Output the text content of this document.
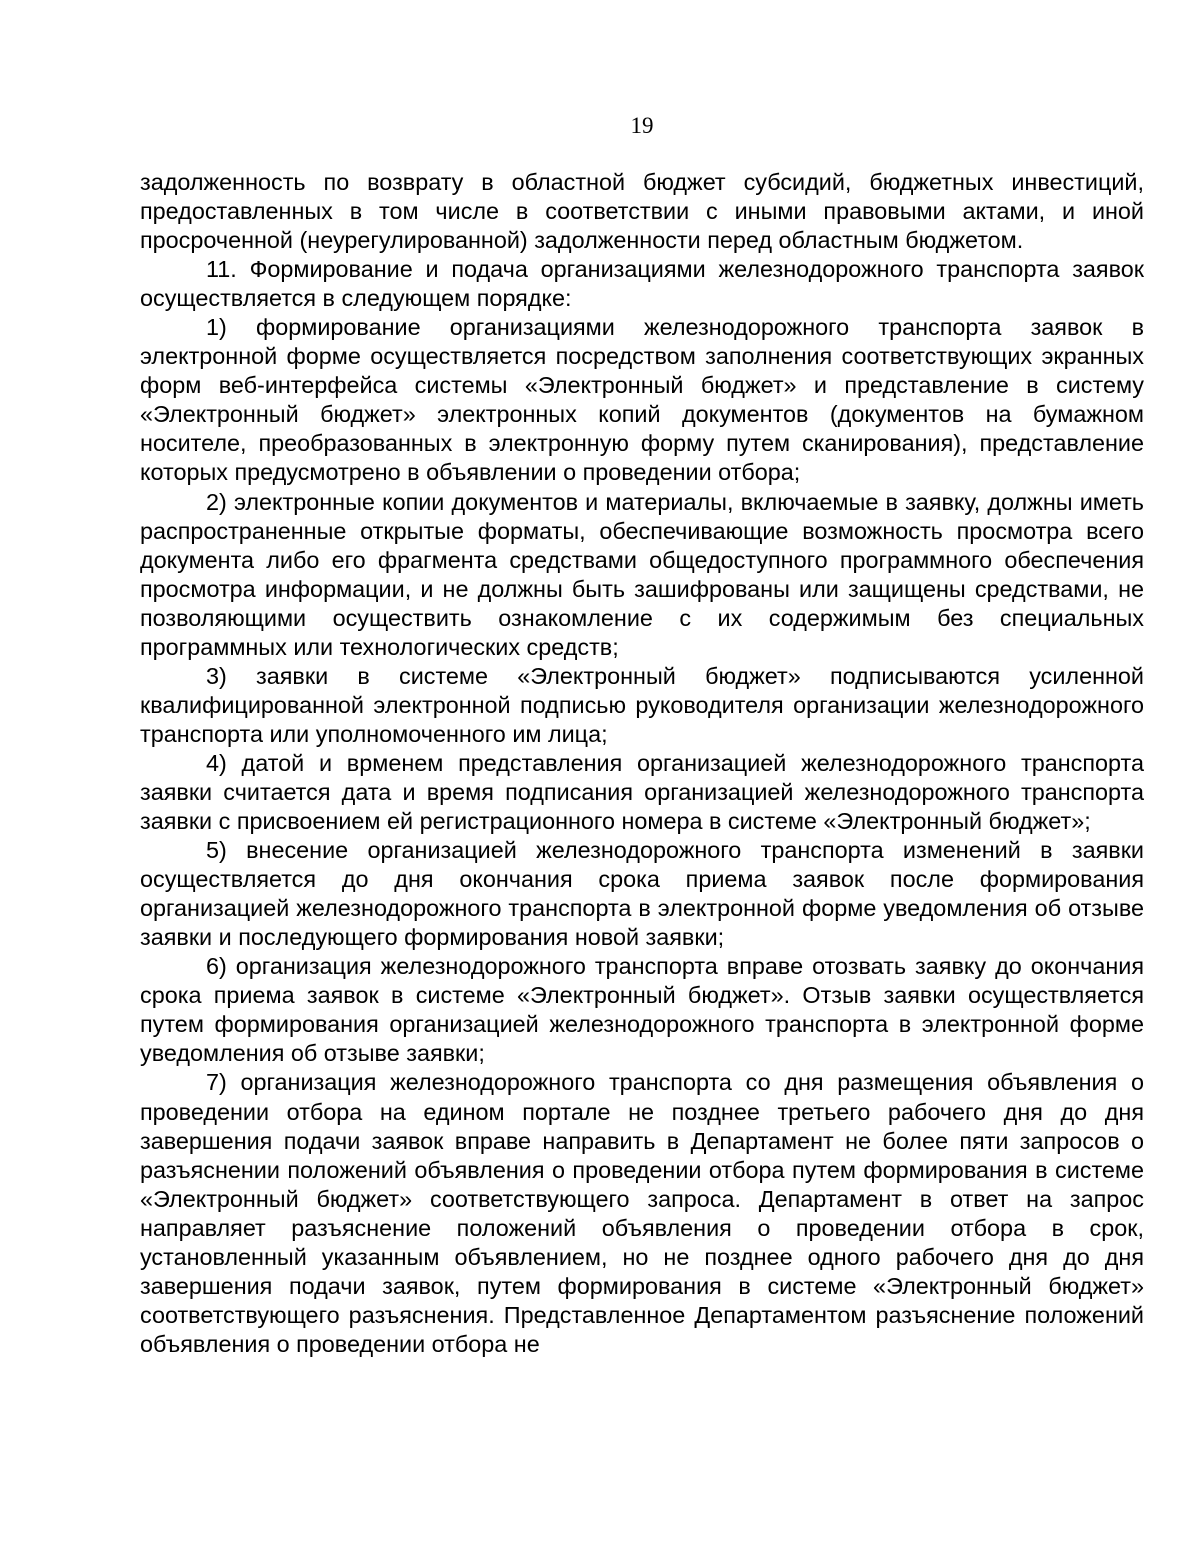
19

задолженность по возврату в областной бюджет субсидий, бюджетных инвестиций, предоставленных в том числе в соответствии с иными правовыми актами, и иной просроченной (неурегулированной) задолженности перед областным бюджетом.

11. Формирование и подача организациями железнодорожного транспорта заявок осуществляется в следующем порядке:

1) формирование организациями железнодорожного транспорта заявок в электронной форме осуществляется посредством заполнения соответствующих экранных форм веб-интерфейса системы «Электронный бюджет» и представление в систему «Электронный бюджет» электронных копий документов (документов на бумажном носителе, преобразованных в электронную форму путем сканирования), представление которых предусмотрено в объявлении о проведении отбора;

2) электронные копии документов и материалы, включаемые в заявку, должны иметь распространенные открытые форматы, обеспечивающие возможность просмотра всего документа либо его фрагмента средствами общедоступного программного обеспечения просмотра информации, и не должны быть зашифрованы или защищены средствами, не позволяющими осуществить ознакомление с их содержимым без специальных программных или технологических средств;

3) заявки в системе «Электронный бюджет» подписываются усиленной квалифицированной электронной подписью руководителя организации железнодорожного транспорта или уполномоченного им лица;

4) датой и врменем представления организацией железнодорожного транспорта заявки считается дата и время подписания организацией железнодорожного транспорта заявки с присвоением ей регистрационного номера в системе «Электронный бюджет»;

5) внесение организацией железнодорожного транспорта изменений в заявки осуществляется до дня окончания срока приема заявок после формирования организацией железнодорожного транспорта в электронной форме уведомления об отзыве заявки и последующего формирования новой заявки;

6) организация железнодорожного транспорта вправе отозвать заявку до окончания срока приема заявок в системе «Электронный бюджет». Отзыв заявки осуществляется путем формирования организацией железнодорожного транспорта в электронной форме уведомления об отзыве заявки;

7) организация железнодорожного транспорта со дня размещения объявления о проведении отбора на едином портале не позднее третьего рабочего дня до дня завершения подачи заявок вправе направить в Департамент не более пяти запросов о разъяснении положений объявления о проведении отбора путем формирования в системе «Электронный бюджет» соответствующего запроса. Департамент в ответ на запрос направляет разъяснение положений объявления о проведении отбора в срок, установленный указанным объявлением, но не позднее одного рабочего дня до дня завершения подачи заявок, путем формирования в системе «Электронный бюджет» соответствующего разъяснения. Представленное Департаментом разъяснение положений объявления о проведении отбора не
